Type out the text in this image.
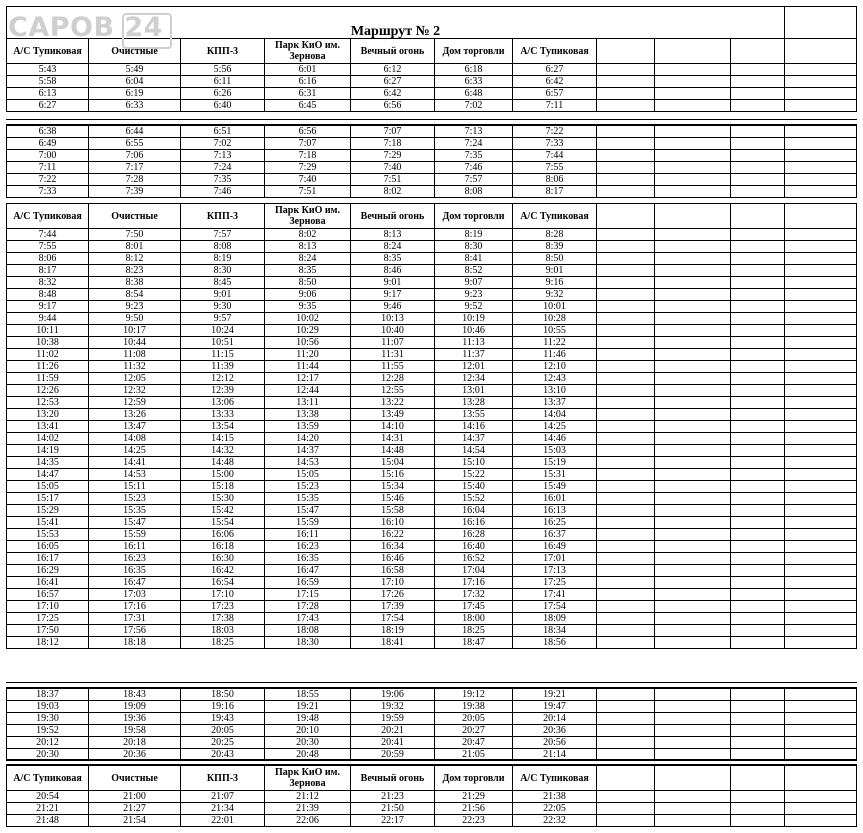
САРОВ 24	Маршрут № 2										
А/С Тупиковая	Очистные	КПП-3	Парк КиО им. Зернова	Вечный огонь	Дом торговли	А/С Тупиковая				
5:43	5:49	5:56	6:01	6:12	6:18	6:27				
5:58	6:04	6:11	6:16	6:27	6:33	6:42				
6:13	6:19	6:26	6:31	6:42	6:48	6:57				
6:27	6:33	6:40	6:45	6:56	7:02	7:11				
6:38	6:44	6:51	6:56	7:07	7:13	7:22				
6:49	6:55	7:02	7:07	7:18	7:24	7:33				
7:00	7:06	7:13	7:18	7:29	7:35	7:44				
7:11	7:17	7:24	7:29	7:40	7:46	7:55				
7:22	7:28	7:35	7:40	7:51	7:57	8:06				
7:33	7:39	7:46	7:51	8:02	8:08	8:17				
А/С Тупиковая	Очистные	КПП-3	Парк КиО им. Зернова	Вечный огонь	Дом торговли	А/С Тупиковая				
7:44	7:50	7:57	8:02	8:13	8:19	8:28				
7:55	8:01	8:08	8:13	8:24	8:30	8:39				
8:06	8:12	8:19	8:24	8:35	8:41	8:50				
8:17	8:23	8:30	8:35	8:46	8:52	9:01				
8:32	8:38	8:45	8:50	9:01	9:07	9:16				
8:48	8:54	9:01	9:06	9:17	9:23	9:32				
9:17	9:23	9:30	9:35	9:46	9:52	10:01				
9:44	9:50	9:57	10:02	10:13	10:19	10:28				
10:11	10:17	10:24	10:29	10:40	10:46	10:55				
10:38	10:44	10:51	10:56	11:07	11:13	11:22				
11:02	11:08	11:15	11:20	11:31	11:37	11:46				
11:26	11:32	11:39	11:44	11:55	12:01	12:10				
11:59	12:05	12:12	12:17	12:28	12:34	12:43				
12:26	12:32	12:39	12:44	12:55	13:01	13:10				
12:53	12:59	13:06	13:11	13:22	13:28	13:37				
13:20	13:26	13:33	13:38	13:49	13:55	14:04				
13:41	13:47	13:54	13:59	14:10	14:16	14:25				
14:02	14:08	14:15	14:20	14:31	14:37	14:46				
14:19	14:25	14:32	14:37	14:48	14:54	15:03				
14:35	14:41	14:48	14:53	15:04	15:10	15:19				
14:47	14:53	15:00	15:05	15:16	15:22	15:31				
15:05	15:11	15:18	15:23	15:34	15:40	15:49				
15:17	15:23	15:30	15:35	15:46	15:52	16:01				
15:29	15:35	15:42	15:47	15:58	16:04	16:13				
15:41	15:47	15:54	15:59	16:10	16:16	16:25				
15:53	15:59	16:06	16:11	16:22	16:28	16:37				
16:05	16:11	16:18	16:23	16:34	16:40	16:49				
16:17	16:23	16:30	16:35	16:46	16:52	17:01				
16:29	16:35	16:42	16:47	16:58	17:04	17:13				
16:41	16:47	16:54	16:59	17:10	17:16	17:25				
16:57	17:03	17:10	17:15	17:26	17:32	17:41				
17:10	17:16	17:23	17:28	17:39	17:45	17:54				
17:25	17:31	17:38	17:43	17:54	18:00	18:09				
17:50	17:56	18:03	18:08	18:19	18:25	18:34				
18:12	18:18	18:25	18:30	18:41	18:47	18:56				
18:37	18:43	18:50	18:55	19:06	19:12	19:21				
19:03	19:09	19:16	19:21	19:32	19:38	19:47				
19:30	19:36	19:43	19:48	19:59	20:05	20:14				
19:52	19:58	20:05	20:10	20:21	20:27	20:36				
20:12	20:18	20:25	20:30	20:41	20:47	20:56				
20:30	20:36	20:43	20:48	20:59	21:05	21:14				
А/С Тупиковая	Очистные	КПП-3	Парк КиО им. Зернова	Вечный огонь	Дом торговли	А/С Тупиковая				
20:54	21:00	21:07	21:12	21:23	21:29	21:38				
21:21	21:27	21:34	21:39	21:50	21:56	22:05				
21:48	21:54	22:01	22:06	22:17	22:23	22:32				
